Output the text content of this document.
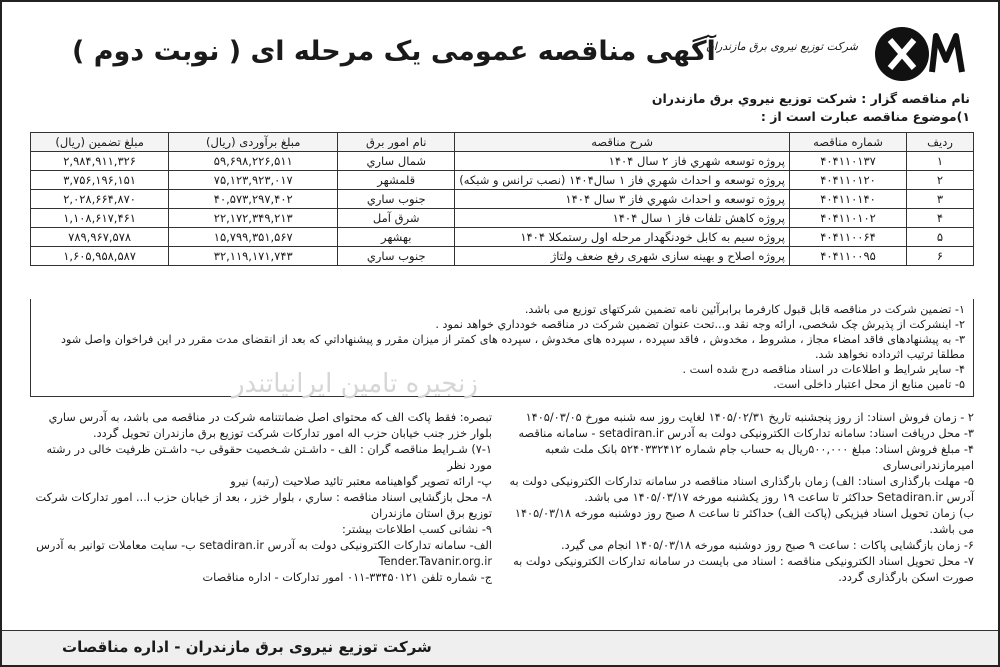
شرکت توزیع نیروی برق مازندران
آگهی مناقصه عمومی یک مرحله ای ( نوبت دوم )
نام مناقصه گزار : شرکت توزیع نیروي برق مازندران
۱)موضوع مناقصه عبارت است از :
ردیف	شماره مناقصه	شرح مناقصه	نام امور برق	مبلغ برآوردی (ریال)	مبلغ تضمین (ریال)
۱	۴۰۴۱۱۰۱۳۷	پروژه توسعه شهري فاز ۲ سال ۱۴۰۴	شمال ساري	۵۹,۶۹۸,۲۲۶,۵۱۱	۲,۹۸۴,۹۱۱,۳۲۶
۲	۴۰۴۱۱۰۱۲۰	پروژه توسعه و احداث شهري فاز ۱ سال۱۴۰۴ (نصب ترانس و شبکه)	قلمشهر	۷۵,۱۲۳,۹۲۳,۰۱۷	۳,۷۵۶,۱۹۶,۱۵۱
۳	۴۰۴۱۱۰۱۴۰	پروژه توسعه و احداث شهري فاز ۳ سال ۱۴۰۴	جنوب ساري	۴۰,۵۷۳,۲۹۷,۴۰۲	۲,۰۲۸,۶۶۴,۸۷۰
۴	۴۰۴۱۱۰۱۰۲	پروژه کاهش تلفات فاز ۱ سال ۱۴۰۴	شرق آمل	۲۲,۱۷۲,۳۴۹,۲۱۳	۱,۱۰۸,۶۱۷,۴۶۱
۵	۴۰۴۱۱۰۰۶۴	پروژه سیم به کابل خودنگهدار مرحله اول رستمکلا ۱۴۰۴	بهشهر	۱۵,۷۹۹,۳۵۱,۵۶۷	۷۸۹,۹۶۷,۵۷۸
۶	۴۰۴۱۱۰۰۹۵	پروژه اصلاح و بهینه سازی شهری رفع ضعف ولتاژ	جنوب ساري	۳۲,۱۱۹,۱۷۱,۷۴۳	۱,۶۰۵,۹۵۸,۵۸۷

۱- تضمین شرکت در مناقصه قابل قبول کارفرما برابرآئین نامه تضمین شرکتهای توزیع می باشد.

۲- اینشرکت از پذیرش چک شخصی، ارائه وجه نقد و...تحت عنوان تضمین شرکت در مناقصه خودداري خواهد نمود .

۳- به پیشنهادهای فاقد امضاء مجاز ، مشروط ، مخدوش ، فاقد سپرده ، سپرده های مخدوش ، سپرده های کمتر از میزان مقرر و پیشنهاداتي كه بعد از انقضای مدت مقرر در این فراخوان واصل شود مطلقا ترتیب اثرداده نخواهد شد.

۴- سایر شرایط و اطلاعات در اسناد مناقصه درج شده است .

۵- تامین منابع از محل اعتبار داخلی است.

زنجیره تامین ایرانیاتندر

۲ - زمان فروش اسناد: از روز پنجشنبه تاریخ ۱۴۰۵/۰۲/۳۱ لغایت روز سه شنبه مورخ ۱۴۰۵/۰۳/۰۵

۳- محل دریافت اسناد: سامانه تدارکات الکترونیکی دولت به آدرس setadiran.ir - سامانه مناقصه

۴- مبلغ فروش اسناد: مبلغ ۵۰۰,۰۰۰ریال به حساب جام شماره ۵۲۴۰۳۳۲۴۱۲ بانک ملت شعبه امیرمازندرانی‌ساری

۵- مهلت بارگذاری اسناد: الف) زمان بارگذاری اسناد مناقصه در سامانه تدارکات الکترونیکی دولت به آدرس Setadiran.ir حداکثر تا ساعت ۱۹ روز یکشنبه مورخه ۱۴۰۵/۰۳/۱۷ می باشد.

ب) زمان تحویل اسناد فیزیکی (پاکت الف) حداکثر تا ساعت ۸ صبح روز دوشنبه مورخه ۱۴۰۵/۰۳/۱۸ می باشد.

۶- زمان بازگشایی پاکات : ساعت ۹ صبح روز دوشنبه مورخه ۱۴۰۵/۰۳/۱۸ انجام می گیرد.

۷- محل تحویل اسناد الکترونیکی مناقصه : اسناد می بایست در سامانه تدارکات الکترونیکی دولت به صورت اسکن بارگذاری گردد.

تبصره: فقط پاکت الف که محتوای اصل ضمانتنامه شرکت در مناقصه می باشد، به آدرس ساري بلوار خزر جنب خیابان حزب اله امور تدارکات شرکت توزیع برق مازندران تحویل گردد.

۷-۱) شـرایط مناقصه گران : الف - داشـتن شـخصیت حقوقی ب- داشـتن ظرفیت خالی در رشته مورد نظر

پ- ارائه تصویر گواهینامه معتبر تائید صلاحیت (رتبه) نیرو

۸- محل بازگشایی اسناد مناقصه : ساري ، بلوار خزر ، بعد از خیابان حزب ا... امور تدارکات شرکت توزیع برق استان مازندران

۹- نشانی کسب اطلاعات بیشتر:

الف- سامانه تدارکات الکترونیکی دولت به آدرس setadiran.ir ب- سایت معاملات توانیر به آدرس Tender.Tavanir.org.ir

ج- شماره تلفن ۳۳۴۵۰۱۲۱-۰۱۱ امور تدارکات - اداره مناقصات

شرکت توزیع نیروی برق مازندران - اداره مناقصات
